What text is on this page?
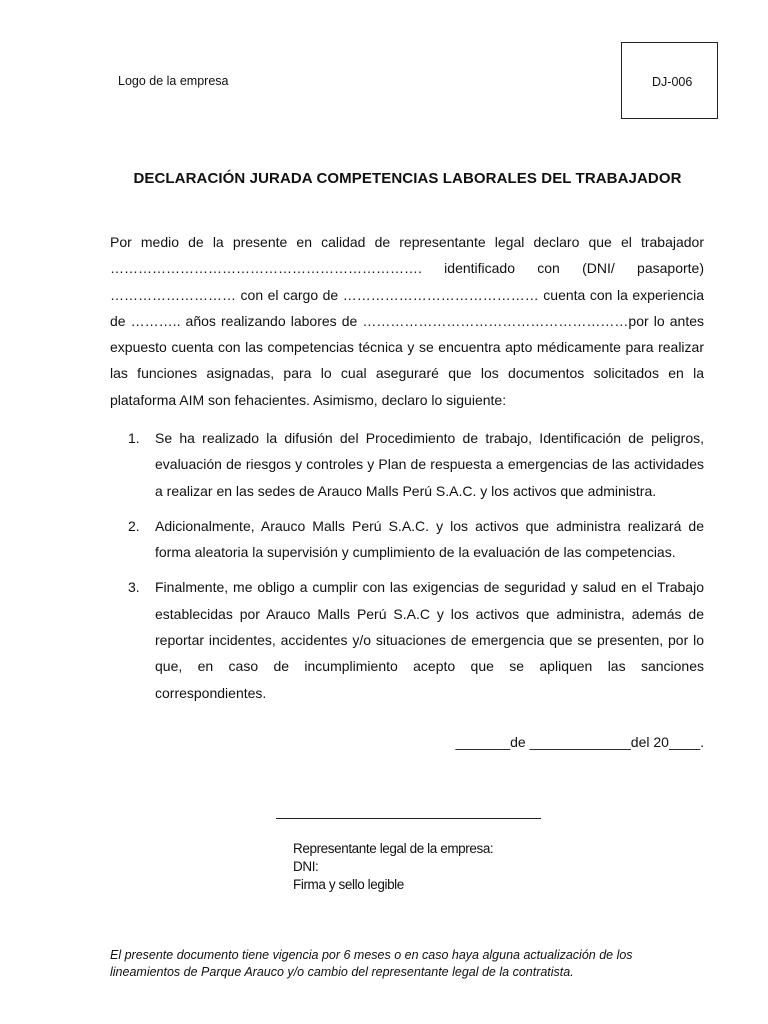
Logo de la empresa	DJ-006
DECLARACIÓN JURADA COMPETENCIAS LABORALES DEL TRABAJADOR

Por medio de la presente en calidad de representante legal declaro que el trabajador …………………………………………………………. identificado con (DNI/ pasaporte) ……………………… con el cargo de …………………………………… cuenta con la experiencia de ……….. años realizando labores de …………………………………………………por lo antes expuesto cuenta con las competencias técnica y se encuentra apto médicamente para realizar las funciones asignadas, para lo cual aseguraré que los documentos solicitados en la plataforma AIM son fehacientes. Asimismo, declaro lo siguiente:

1. Se ha realizado la difusión del Procedimiento de trabajo, Identificación de peligros, evaluación de riesgos y controles y Plan de respuesta a emergencias de las actividades a realizar en las sedes de Arauco Malls Perú S.A.C. y los activos que administra.
2. Adicionalmente, Arauco Malls Perú S.A.C. y los activos que administra realizará de forma aleatoria la supervisión y cumplimiento de la evaluación de las competencias.
3. Finalmente, me obligo a cumplir con las exigencias de seguridad y salud en el Trabajo establecidas por Arauco Malls Perú S.A.C y los activos que administra, además de reportar incidentes, accidentes y/o situaciones de emergencia que se presenten, por lo que, en caso de incumplimiento acepto que se apliquen las sanciones correspondientes.
_______de _____________del 20____.
Representante legal de la empresa:
DNI:
Firma y sello legible
El presente documento tiene vigencia por 6 meses o en caso haya alguna actualización de los lineamientos de Parque Arauco y/o cambio del representante legal de la contratista.
